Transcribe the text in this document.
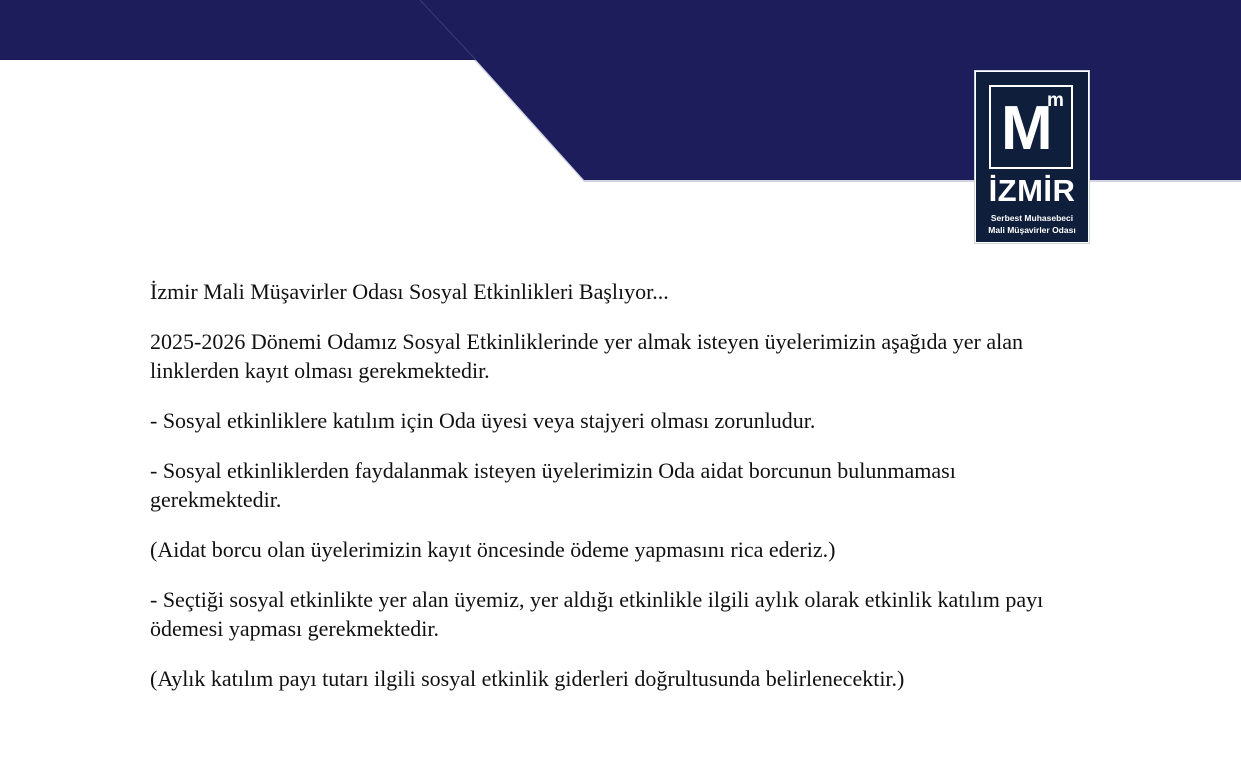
M
m
İZMİR
Serbest Muhasebeci
Mali Müşavirler Odası

İzmir Mali Müşavirler Odası Sosyal Etkinlikleri Başlıyor...

2025-2026 Dönemi Odamız Sosyal Etkinliklerinde yer almak isteyen üyelerimizin aşağıda yer alan linklerden kayıt olması gerekmektedir.

- Sosyal etkinliklere katılım için Oda üyesi veya stajyeri olması zorunludur.

- Sosyal etkinliklerden faydalanmak isteyen üyelerimizin Oda aidat borcunun bulunmaması gerekmektedir.

(Aidat borcu olan üyelerimizin kayıt öncesinde ödeme yapmasını rica ederiz.)

- Seçtiği sosyal etkinlikte yer alan üyemiz, yer aldığı etkinlikle ilgili aylık olarak etkinlik katılım payı ödemesi yapması gerekmektedir.

(Aylık katılım payı tutarı ilgili sosyal etkinlik giderleri doğrultusunda belirlenecektir.)
